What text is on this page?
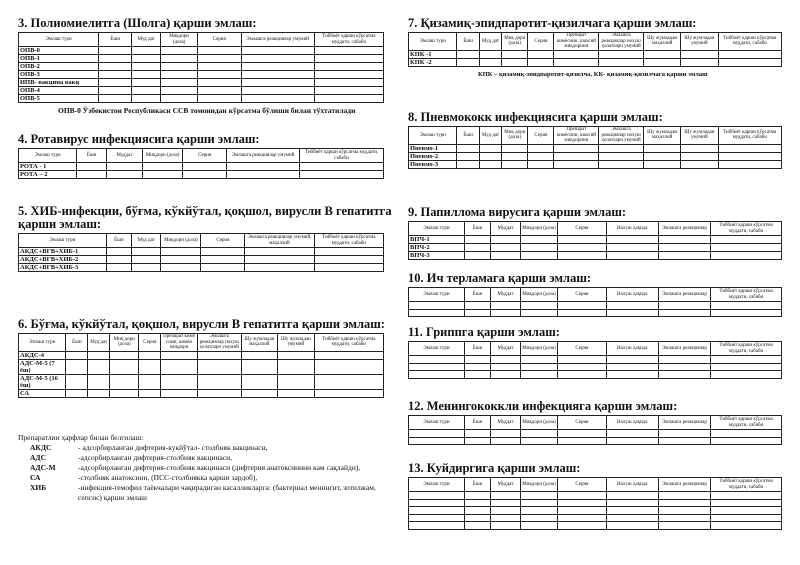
3. Полиомиелитга (Шолга) қарши эмлаш:
Эмлаш тури	Ёши	Муд дат	Миқдори (доза)	Серия	Эмлашга реакциялар умумий	Тиббиёт қарши кўрсатма муддати, сабаби
ОПВ-0						
ОПВ-1						
ОПВ-2						
ОПВ-3						
ИПВ- вакцина вакц						
ОПВ-4						
ОПВ-5						
ОПВ-0 Ўзбекистон Республикаси ССВ томонидан кўрсатма бўлиши билан тўхтатилади
4. Ротавирус инфекциясига қарши эмлаш:
Эмлаш тури	Ёши	Муддат	Миқдори (доза)	Серия	Эмлашга реакциялар умумий	Тиббиёт қарши кўрсатма муддати, сабаби
РОТА - 1						
РОТА – 2						
5. ХИБ-инфекции, бўғма, кўкйўтал, қоқшол, вирусли В гепатитга
қарши эмлаш:
Эмлаш тури	Ёши	Муд дат	Миқдори (доза)	Серия	Эмлашга реакциялар умумий, маҳаллий	Тиббиёт қарши кўрсатма муддати, сабаби
АКДС+ВГВ+ХИБ-1						
АКДС+ВГВ+ХИБ-2						
АКДС+ВГВ+ХИБ-3						
6. Бўғма, кўкйўтал, қоқшол, вирусли В гепатитга қарши эмлаш:
Эмлаш тури	Ёши	Муд дат	Миқ дори (доза)	Серия	Препарат кимё соми, кимёи миқдори	Эмлашга реакциялар нохуш ҳолатлари умумий	Шу жумладан маҳаллий	Шу жумладан умумий	Тиббиёт қарши кўрсатма муддати, сабаби
АКДС-4									
АДС-М-5 (7 ёш)									
АДС-М-5 (16 ёш)									
СА									
Препаратлин ҳарфлар билан белгилаш:
АКДС	- адсорбирланган дифтерия-кукйўтал- столбняк вакцинаси,
АДС	-адсорбирланган дифтерия-столбняк вакцинаси,
АДС-М	-адсорбирланган дифтерия-столбняк вакцинаси (дифтерия анатоксинини кам сақлайди),
СА	-столбняк анатоксини, (ПСС-столбнякка қарши зардоб),
ХИБ	-инфекция-гемофил таёкчалари чақирадиган касалликларга: (бактериал менингит, зотилжам, сепсис) қарши эмлаш
7. Қизамиқ-эпидпаротит-қизилчага қарши эмлаш:
Эмлаш тури	Ёши	Муд дат	Миқ дори (доза)	Серия	Препарат кимёсини, шахсий миқдорини	Эмлашга реакциялар нохуш ҳолатлари умумий	Шу жумладан маҳаллий	Шу жумладан умумий	Тиббиёт қарши кўрсатма муддати, сабаби
КПК -1									
КПК -2									
КПК – қизамиқ-эпидпаротит-қизилча, КК- қизамиқ-қизилчага қарши эмлаш
8. Пневмококк инфекциясига қарши эмлаш:
Эмлаш тури	Ёши	Муд дат	Миқ дори (доза)	Серия	Препарат кимёсини, шахсий миқдорини	Эмлашга реакциялар нохуш ҳолатлари умумий	Шу жумладан маҳаллий	Шу жумладан умумий	Тиббиёт қарши кўрсатма муддати, сабаби
Пневмо-1									
Пневмо-2									
Пневмо-3									
9. Папиллома вирусига қарши эмлаш:
Эмлаш тури	Ёши	Муддат	Миқдори (доза)	Серия	Нохуш ҳақида	Эмлашга реакциялар	Тиббиёт қарши кўрсатма муддати, сабаби
ВПЧ-1							
ВПЧ-2							
ВПЧ-3							
10. Ич терламага қарши эмлаш:
Эмлаш тури	Ёши	Муддат	Миқдори (доза)	Серия	Нохуш ҳақида	Эмлашга реакциялар	Тиббиёт қарши кўрсатма муддати, сабаби

11. Гриппга қарши эмлаш:
Эмлаш тури	Ёши	Муддат	Миқдори (доза)	Серия	Нохуш ҳақида	Эмлашга реакциялар	Тиббиёт қарши кўрсатма муддати, сабаби

12. Менингококкли инфекцияга қарши эмлаш:
Эмлаш тури	Ёши	Муддат	Миқдори (доза)	Серия	Нохуш ҳақида	Эмлашга реакциялар	Тиббиёт қарши кўрсатма муддати, сабаби

13. Куйдиргига қарши эмлаш:
Эмлаш тури	Ёши	Муддат	Миқдори (доза)	Серия	Нохуш ҳақида	Эмлашга реакциялар	Тиббиёт қарши кўрсатма муддати, сабаби
